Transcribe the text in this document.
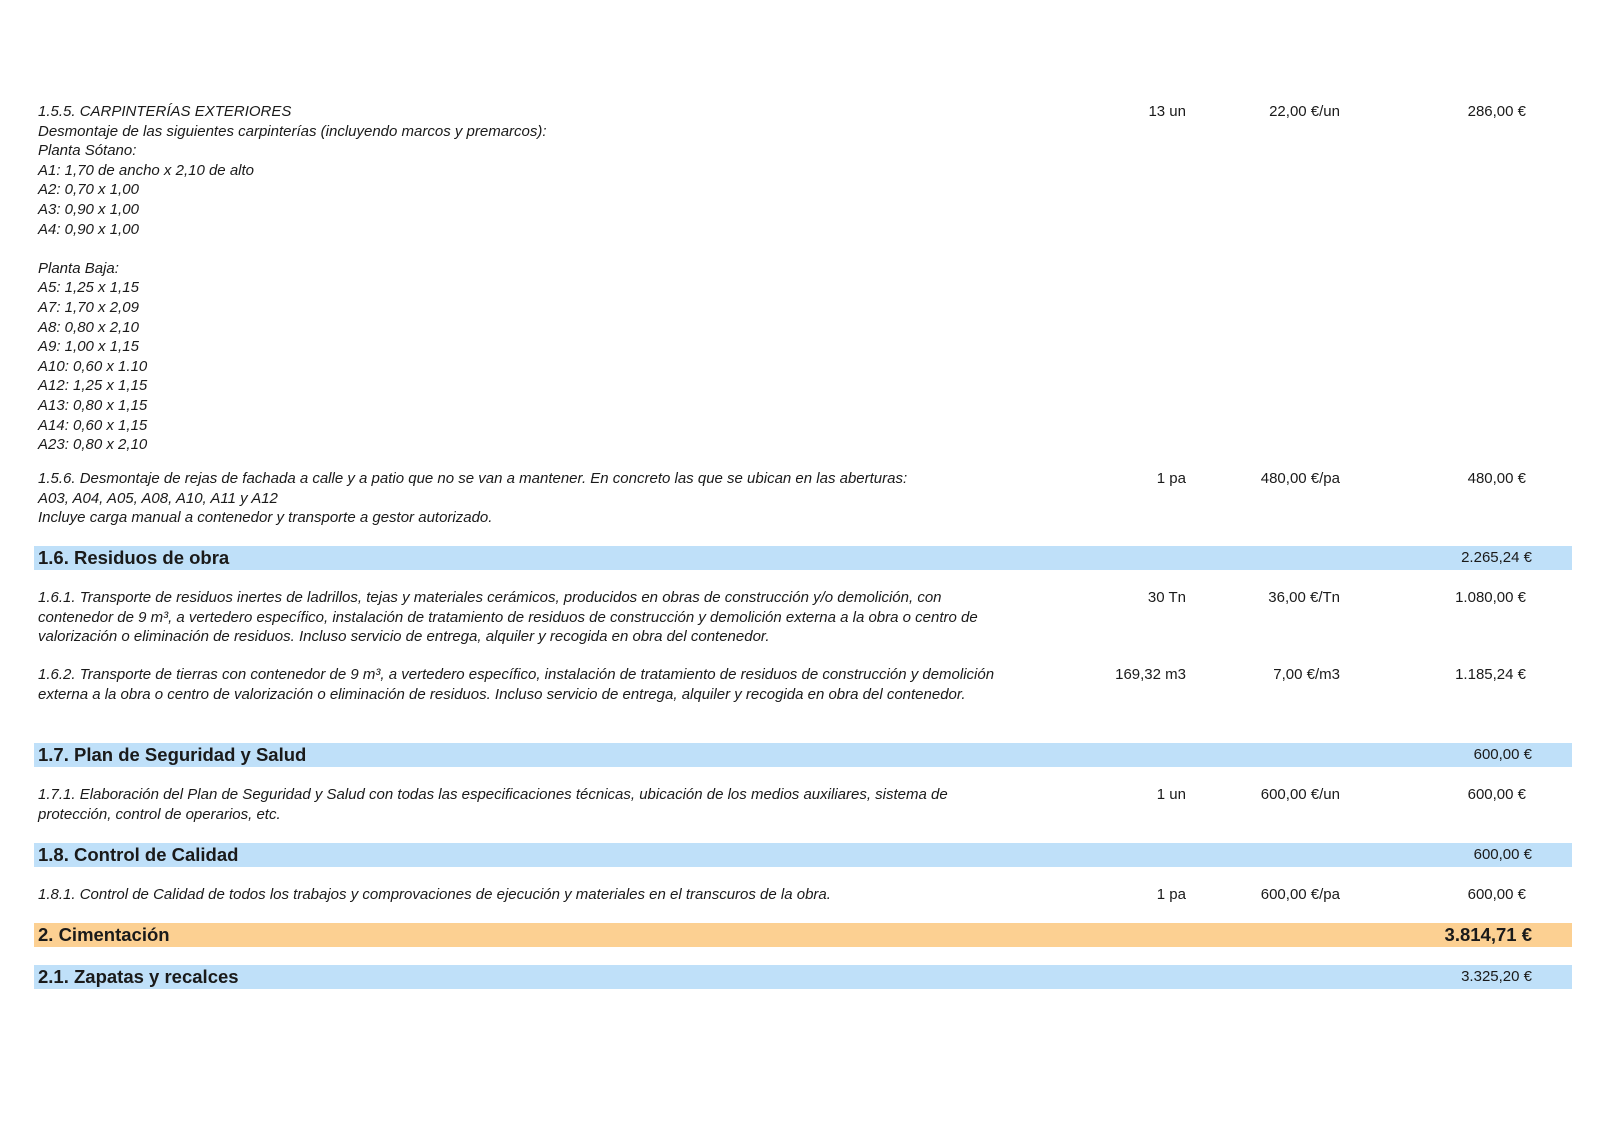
1.5.5. CARPINTERÍAS EXTERIORES
Desmontaje de las siguientes carpinterías (incluyendo marcos y premarcos):
Planta Sótano:
A1: 1,70 de ancho x 2,10 de alto
A2: 0,70 x 1,00
A3: 0,90 x 1,00
A4: 0,90 x 1,00

Planta Baja:
A5: 1,25 x 1,15
A7: 1,70 x 2,09
A8: 0,80 x 2,10
A9: 1,00 x 1,15
A10: 0,60 x 1.10
A12: 1,25 x 1,15
A13: 0,80 x 1,15
A14: 0,60 x 1,15
A23: 0,80 x 2,10
13 un	22,00 €/un	286,00 €
1.5.6. Desmontaje de rejas de fachada a calle y a patio que no se van a mantener. En concreto las que se ubican en las aberturas:
A03, A04, A05, A08, A10, A11 y A12
Incluye carga manual a contenedor y transporte a gestor autorizado.
1 pa	480,00 €/pa	480,00 €
1.6. Residuos de obra	2.265,24 €
1.6.1. Transporte de residuos inertes de ladrillos, tejas y materiales cerámicos, producidos en obras de construcción y/o demolición, con
contenedor de 9 m³, a vertedero específico, instalación de tratamiento de residuos de construcción y demolición externa a la obra o centro de
valorización o eliminación de residuos. Incluso servicio de entrega, alquiler y recogida en obra del contenedor.
30 Tn	36,00 €/Tn	1.080,00 €
1.6.2. Transporte de tierras con contenedor de 9 m³, a vertedero específico, instalación de tratamiento de residuos de construcción y demolición
externa a la obra o centro de valorización o eliminación de residuos. Incluso servicio de entrega, alquiler y recogida en obra del contenedor.
169,32 m3	7,00 €/m3	1.185,24 €
1.7. Plan de Seguridad y Salud	600,00 €
1.7.1. Elaboración del Plan de Seguridad y Salud con todas las especificaciones técnicas, ubicación de los medios auxiliares, sistema de
protección, control de operarios, etc.
1 un	600,00 €/un	600,00 €
1.8. Control de Calidad	600,00 €
1.8.1. Control de Calidad de todos los trabajos y comprovaciones de ejecución y materiales en el transcuros de la obra.	1 pa	600,00 €/pa	600,00 €
2. Cimentación	3.814,71 €
2.1. Zapatas y recalces	3.325,20 €
